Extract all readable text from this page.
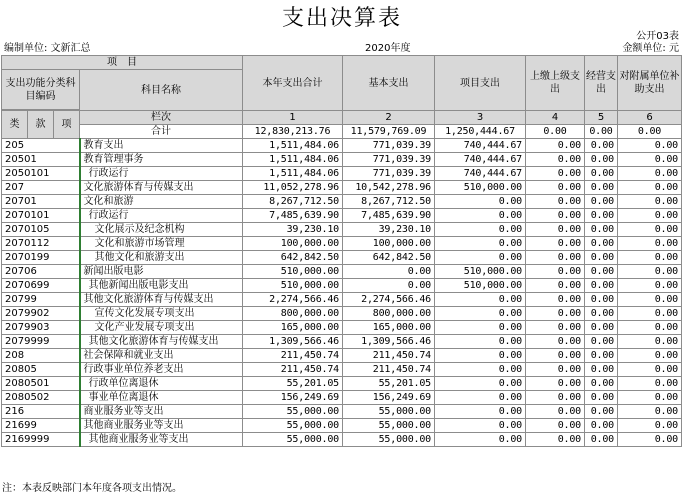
支出决算表
公开03表
编制单位: 文新汇总	2020年度	金额单位: 元
项　目				本年支出合计	基本支出	项目支出	上缴上级支出	经营支出	对附属单位补助支出
支出功能分类科目编码			科目名称						

类	款	项	栏次	1	2	3	4	5	6
			合计	12,830,213.76	11,579,769.09	1,250,444.67	0.00	0.00	0.00
205			教育支出	1,511,484.06	771,039.39	740,444.67	0.00	0.00	0.00
20501			教育管理事务	1,511,484.06	771,039.39	740,444.67	0.00	0.00	0.00
2050101			行政运行	1,511,484.06	771,039.39	740,444.67	0.00	0.00	0.00
207			文化旅游体育与传媒支出	11,052,278.96	10,542,278.96	510,000.00	0.00	0.00	0.00
20701			文化和旅游	8,267,712.50	8,267,712.50	0.00	0.00	0.00	0.00
2070101			行政运行	7,485,639.90	7,485,639.90	0.00	0.00	0.00	0.00
2070105			文化展示及纪念机构	39,230.10	39,230.10	0.00	0.00	0.00	0.00
2070112			文化和旅游市场管理	100,000.00	100,000.00	0.00	0.00	0.00	0.00
2070199			其他文化和旅游支出	642,842.50	642,842.50	0.00	0.00	0.00	0.00
20706			新闻出版电影	510,000.00	0.00	510,000.00	0.00	0.00	0.00
2070699			其他新闻出版电影支出	510,000.00	0.00	510,000.00	0.00	0.00	0.00
20799			其他文化旅游体育与传媒支出	2,274,566.46	2,274,566.46	0.00	0.00	0.00	0.00
2079902			宣传文化发展专项支出	800,000.00	800,000.00	0.00	0.00	0.00	0.00
2079903			文化产业发展专项支出	165,000.00	165,000.00	0.00	0.00	0.00	0.00
2079999			其他文化旅游体育与传媒支出	1,309,566.46	1,309,566.46	0.00	0.00	0.00	0.00
208			社会保障和就业支出	211,450.74	211,450.74	0.00	0.00	0.00	0.00
20805			行政事业单位养老支出	211,450.74	211,450.74	0.00	0.00	0.00	0.00
2080501			行政单位离退休	55,201.05	55,201.05	0.00	0.00	0.00	0.00
2080502			事业单位离退休	156,249.69	156,249.69	0.00	0.00	0.00	0.00
216			商业服务业等支出	55,000.00	55,000.00	0.00	0.00	0.00	0.00
21699			其他商业服务业等支出	55,000.00	55,000.00	0.00	0.00	0.00	0.00
2169999			其他商业服务业等支出	55,000.00	55,000.00	0.00	0.00	0.00	0.00
注：本表反映部门本年度各项支出情况。
